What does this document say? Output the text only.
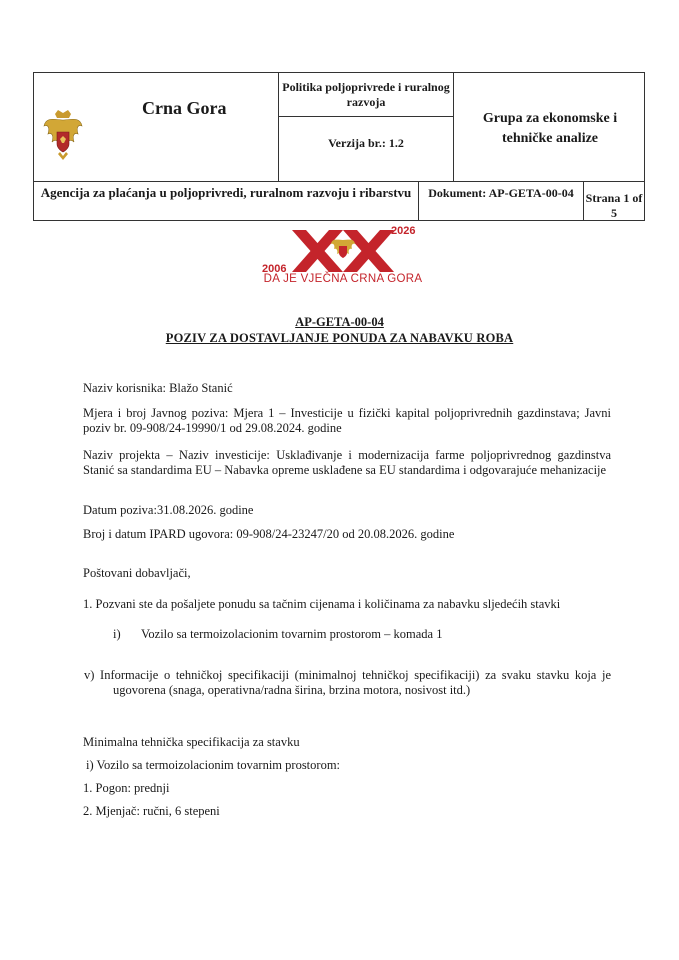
Crna Gora
Politika poljoprivrede i ruralnog razvoja
Verzija br.: 1.2
Grupa za ekonomske i tehničke analize
Agencija za plaćanja u poljoprivredi, ruralnom razvoju i ribarstvu	Dokument: AP-GETA-00-04 Strana 1 of 5
2006
2026
DA JE VJEČNA CRNA GORA
AP-GETA-00-04
POZIV ZA DOSTAVLJANJE PONUDA ZA NABAVKU ROBA
Naziv korisnika: Blažo Stanić
Mjera i broj Javnog poziva: Mjera 1 – Investicije u fizički kapital poljoprivrednih gazdinstava; Javni poziv br. 09-908/24-19990/1 od 29.08.2024. godine
Naziv projekta – Naziv investicije: Usklađivanje i modernizacija farme poljoprivrednog gazdinstva Stanić sa standardima EU – Nabavka opreme usklađene sa EU standardima i odgovarajuće mehanizacije
Datum poziva:31.08.2026. godine
Broj i datum IPARD ugovora: 09-908/24-23247/20 od 20.08.2026. godine
Poštovani dobavljači,
1. Pozvani ste da pošaljete ponudu sa tačnim cijenama i količinama za nabavku sljedećih stavki
i)	Vozilo sa termoizolacionim tovarnim prostorom – komada 1
v) Informacije o tehničkoj specifikaciji (minimalnoj tehničkoj specifikaciji) za svaku stavku koja je ugovorena (snaga, operativna/radna širina, brzina motora, nosivost itd.)
Minimalna tehnička specifikacija za stavku
i) Vozilo sa termoizolacionim tovarnim prostorom:
1. Pogon: prednji
2. Mjenjač: ručni, 6 stepeni
